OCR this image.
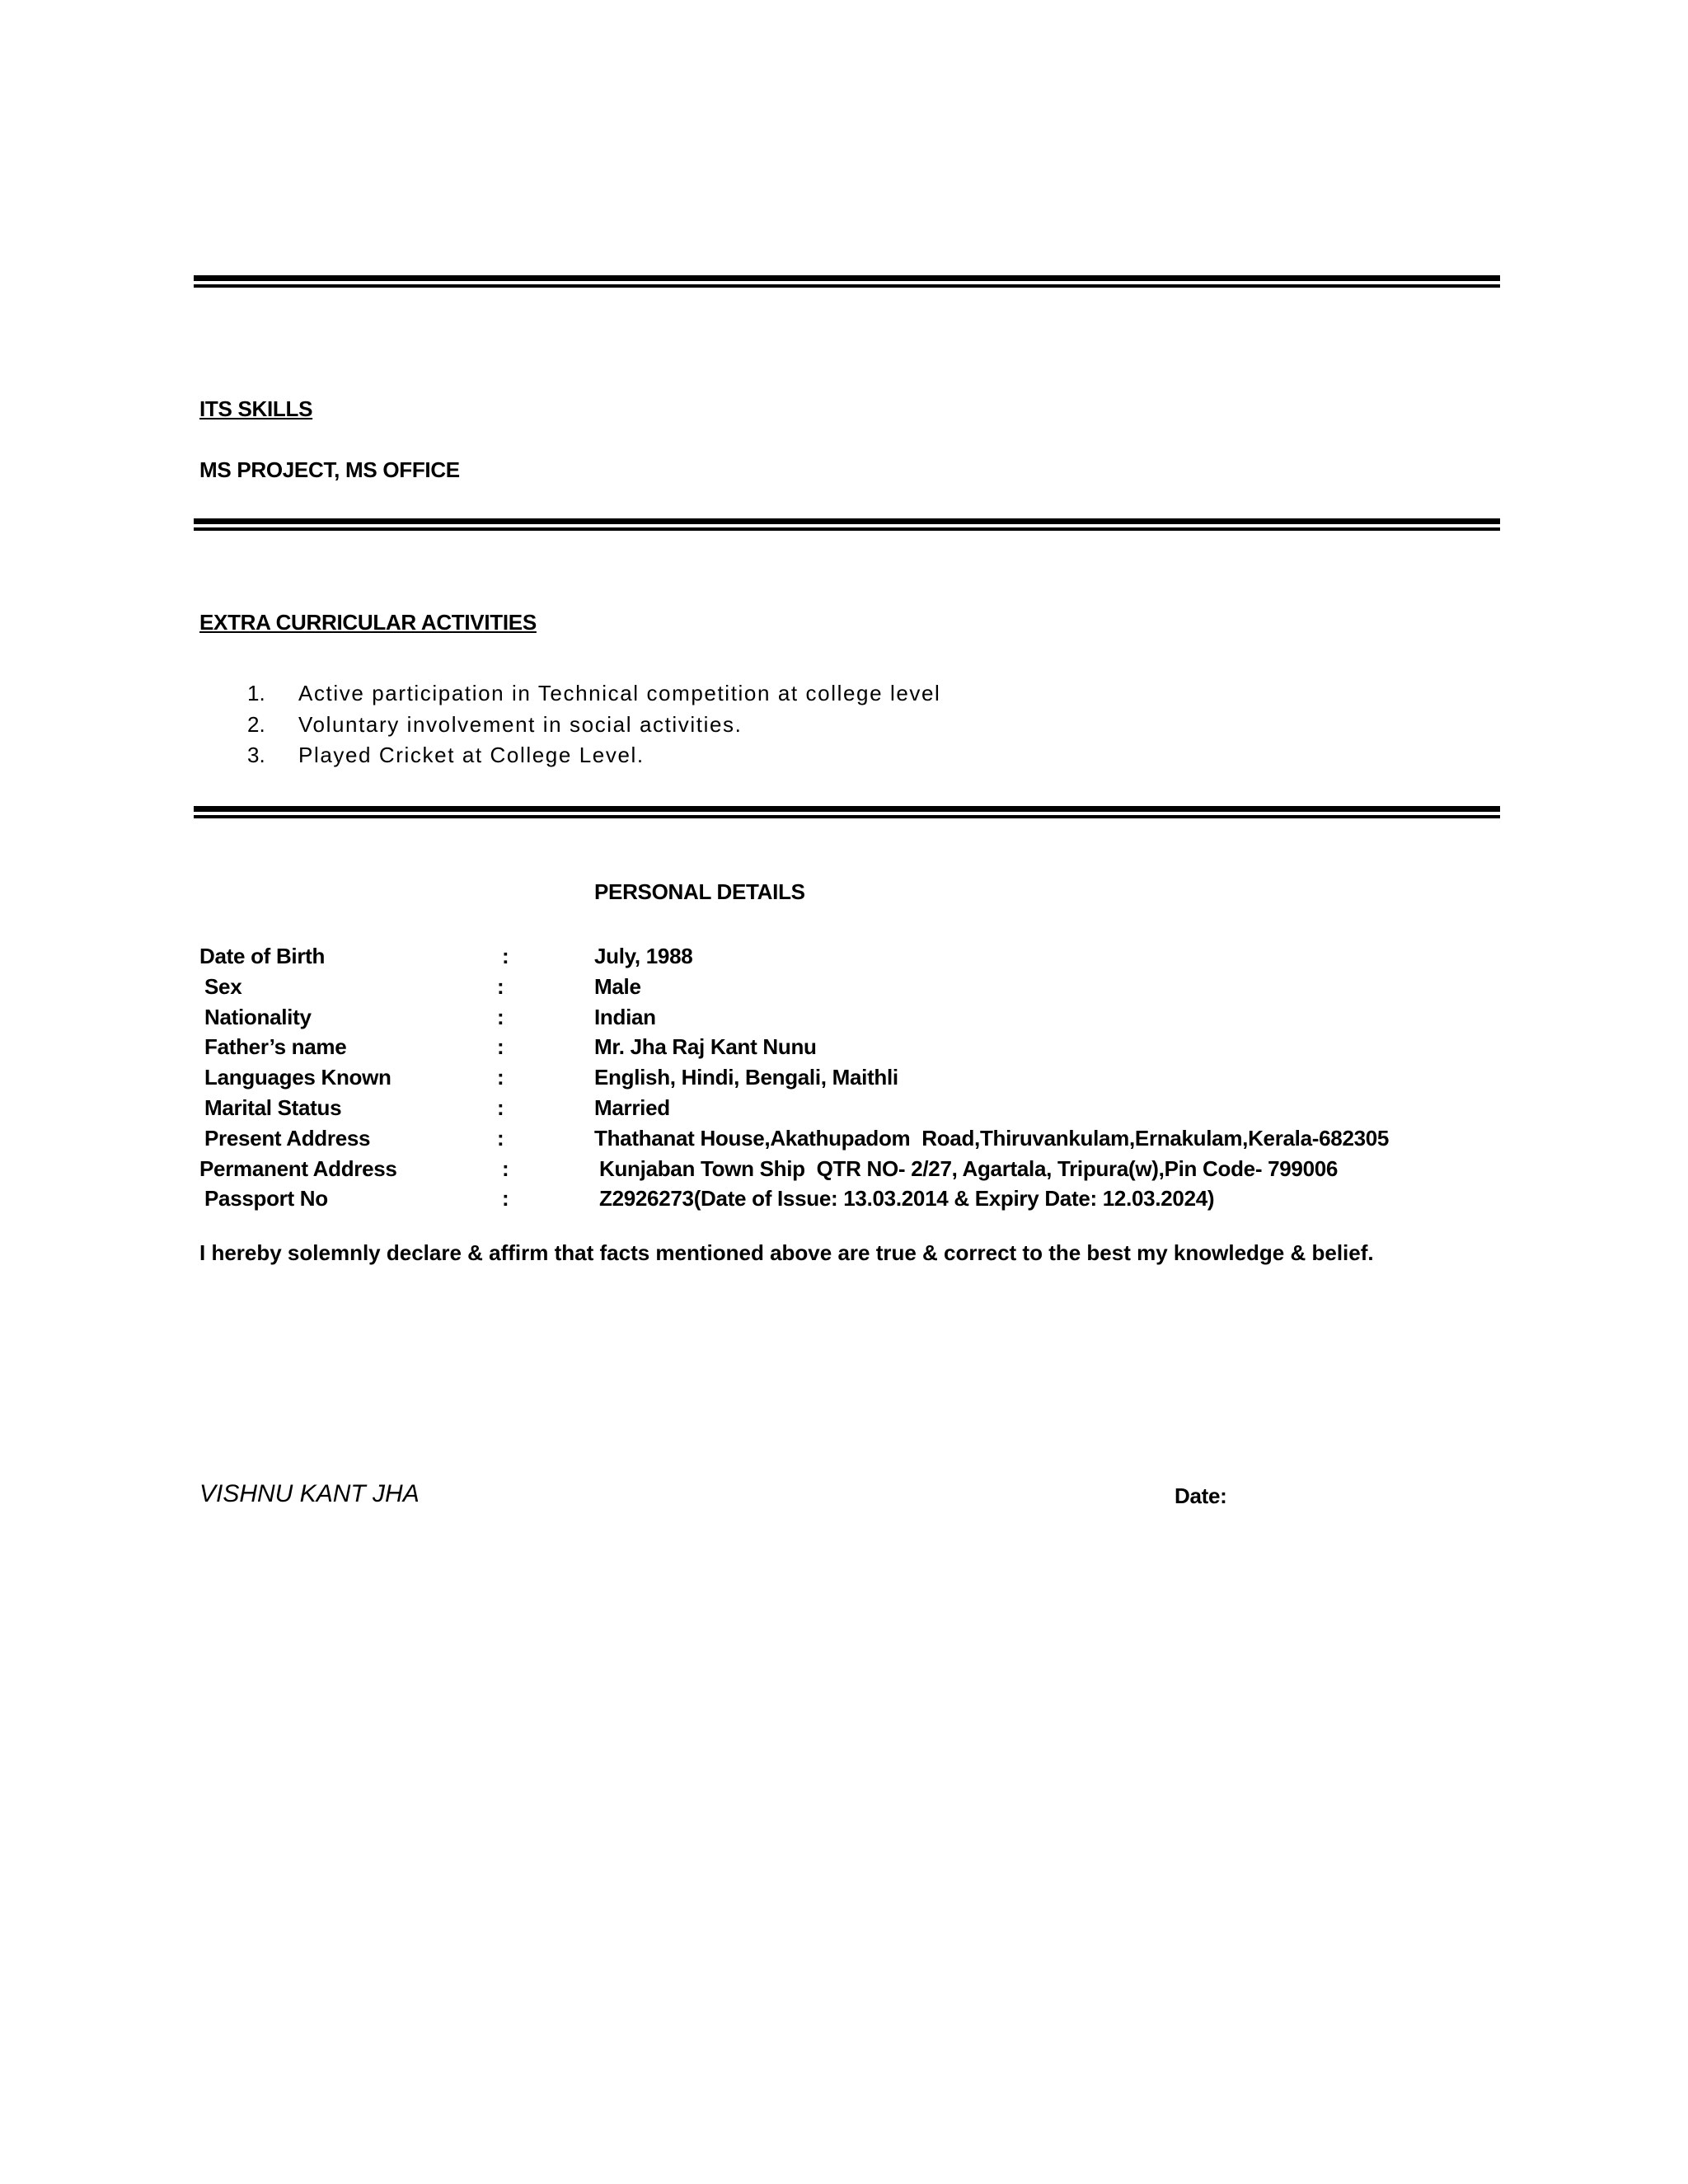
ITS SKILLS
MS PROJECT, MS OFFICE
EXTRA CURRICULAR ACTIVITIES
1.	Active participation in Technical competition at college level
2.	Voluntary involvement in social activities.
3.	Played Cricket at College Level.
PERSONAL DETAILS
Date of Birth	:	July, 1988
Sex	:	Male
Nationality	:	Indian
Father’s name	:	Mr. Jha Raj Kant Nunu
Languages Known	:	English, Hindi, Bengali, Maithli
Marital Status	:	Married
Present Address	:	Thathanat House,Akathupadom  Road,Thiruvankulam,Ernakulam,Kerala-682305
Permanent Address	:	Kunjaban Town Ship  QTR NO- 2/27, Agartala, Tripura(w),Pin Code- 799006
Passport No	:	Z2926273(Date of Issue: 13.03.2014 & Expiry Date: 12.03.2024)
I hereby solemnly declare & affirm that facts mentioned above are true & correct to the best my knowledge & belief.
VISHNU KANT JHA	Date:
